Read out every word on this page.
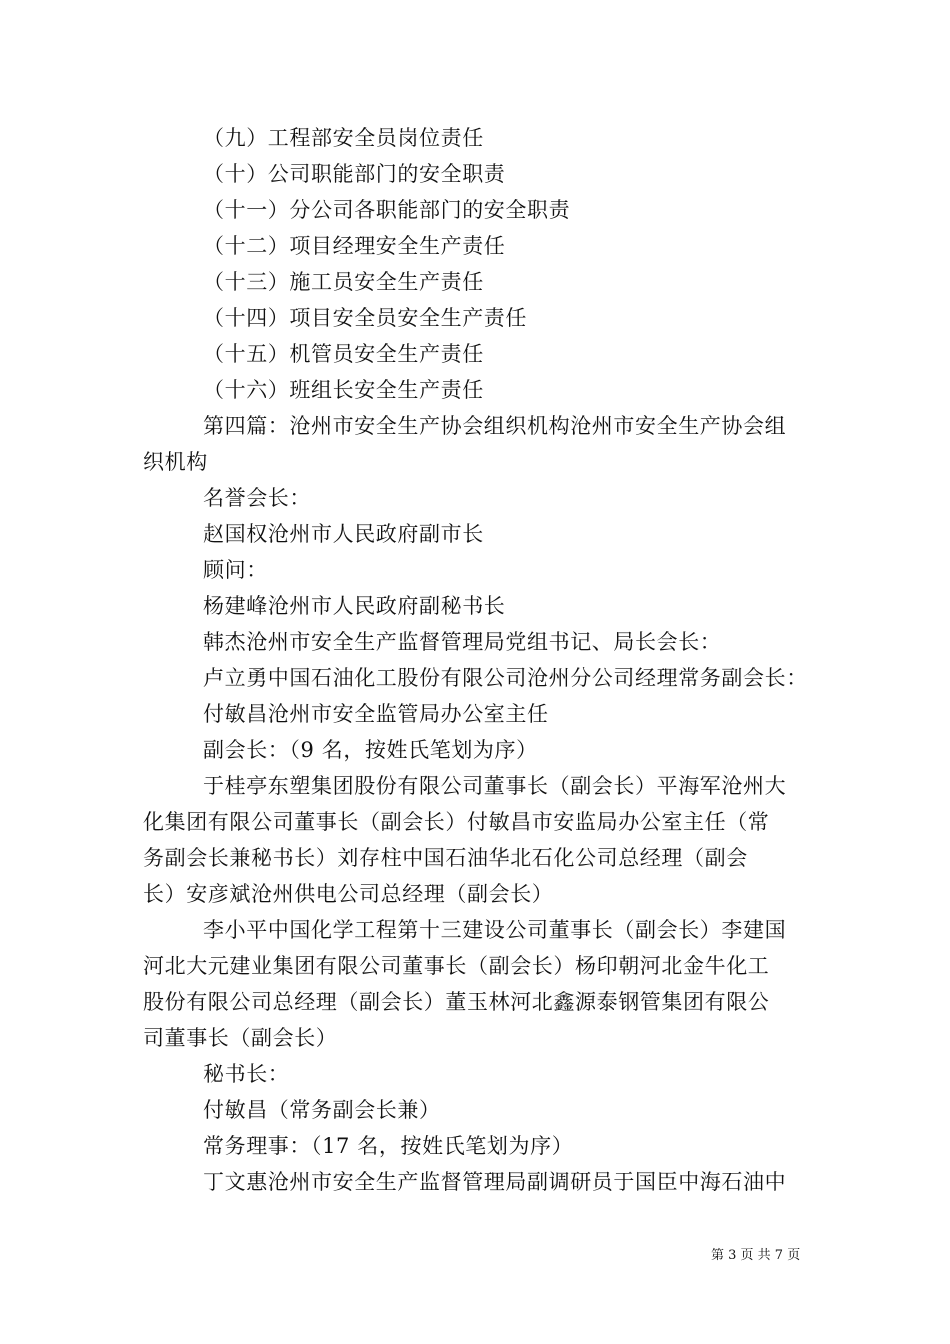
（九）工程部安全员岗位责任
（十）公司职能部门的安全职责
（十一）分公司各职能部门的安全职责
（十二）项目经理安全生产责任
（十三）施工员安全生产责任
（十四）项目安全员安全生产责任
（十五）机管员安全生产责任
（十六）班组长安全生产责任
第四篇：沧州市安全生产协会组织机构沧州市安全生产协会组
织机构
名誉会长：
赵国权沧州市人民政府副市长
顾问：
杨建峰沧州市人民政府副秘书长
韩杰沧州市安全生产监督管理局党组书记、局长会长：
卢立勇中国石油化工股份有限公司沧州分公司经理常务副会长：
付敏昌沧州市安全监管局办公室主任
副会长：（9 名，按姓氏笔划为序）
于桂亭东塑集团股份有限公司董事长（副会长）平海军沧州大
化集团有限公司董事长（副会长）付敏昌市安监局办公室主任（常
务副会长兼秘书长）刘存柱中国石油华北石化公司总经理（副会
长）安彦斌沧州供电公司总经理（副会长）
李小平中国化学工程第十三建设公司董事长（副会长）李建国
河北大元建业集团有限公司董事长（副会长）杨印朝河北金牛化工
股份有限公司总经理（副会长）董玉林河北鑫源泰钢管集团有限公
司董事长（副会长）
秘书长：
付敏昌（常务副会长兼）
常务理事：（17 名，按姓氏笔划为序）
丁文惠沧州市安全生产监督管理局副调研员于国臣中海石油中
第 3 页 共 7 页
